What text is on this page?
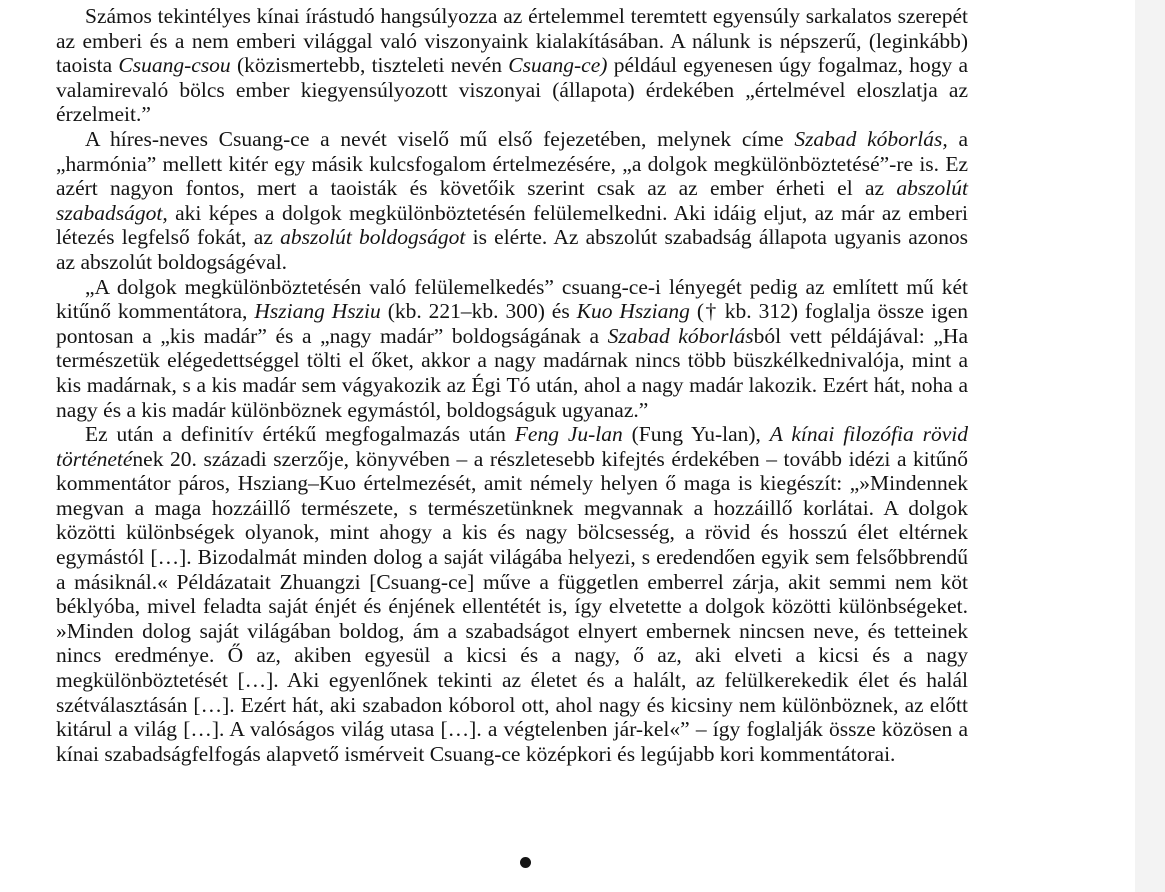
Számos tekintélyes kínai írástudó hangsúlyozza az értelemmel teremtett egyensúly sarkalatos szerepét az emberi és a nem emberi világgal való viszonyaink kialakításában. A nálunk is népszerű, (leginkább) taoista Csuang-csou (közismertebb, tiszteleti nevén Csuang-ce) például egyenesen úgy fogalmaz, hogy a valamirevaló bölcs ember kiegyensúlyozott viszonyai (állapota) érdekében „értelmével eloszlatja az érzelmeit.”

A híres-neves Csuang-ce a nevét viselő mű első fejezetében, melynek címe Szabad kóborlás, a „harmónia” mellett kitér egy másik kulcsfogalom értelmezésére, „a dolgok megkülönböztetésé”-re is. Ez azért nagyon fontos, mert a taoisták és követőik szerint csak az az ember érheti el az abszolút szabadságot, aki képes a dolgok megkülönböztetésén felülemelkedni. Aki idáig eljut, az már az emberi létezés legfelső fokát, az abszolút boldogságot is elérte. Az abszolút szabadság állapota ugyanis azonos az abszolút boldogságéval.

„A dolgok megkülönböztetésén való felülemelkedés” csuang-ce-i lényegét pedig az említett mű két kitűnő kommentátora, Hsziang Hsziu (kb. 221–kb. 300) és Kuo Hsziang († kb. 312) foglalja össze igen pontosan a „kis madár” és a „nagy madár” boldogságának a Szabad kóborlásból vett példájával: „Ha természetük elégedettséggel tölti el őket, akkor a nagy madárnak nincs több büszkélkednivalója, mint a kis madárnak, s a kis madár sem vágyakozik az Égi Tó után, ahol a nagy madár lakozik. Ezért hát, noha a nagy és a kis madár különböznek egymástól, boldogságuk ugyanaz.”

Ez után a definitív értékű megfogalmazás után Feng Ju-lan (Fung Yu-lan), A kínai filozófia rövid történetének 20. századi szerzője, könyvében – a részletesebb kifejtés érdekében – tovább idézi a kitűnő kommentátor páros, Hsziang–Kuo értelmezését, amit némely helyen ő maga is kiegészít: „»Mindennek megvan a maga hozzáillő természete, s természetünknek megvannak a hozzáillő korlátai. A dolgok közötti különbségek olyanok, mint ahogy a kis és nagy bölcsesség, a rövid és hosszú élet eltérnek egymástól […]. Bizodalmát minden dolog a saját világába helyezi, s eredendően egyik sem felsőbbrendű a másiknál.« Példázatait Zhuangzi [Csuang-ce] műve a független emberrel zárja, akit semmi nem köt béklyóba, mivel feladta saját énjét és énjének ellentétét is, így elvetette a dolgok közötti különbségeket. »Minden dolog saját világában boldog, ám a szabadságot elnyert embernek nincsen neve, és tetteinek nincs eredménye. Ő az, akiben egyesül a kicsi és a nagy, ő az, aki elveti a kicsi és a nagy megkülönböztetését […]. Aki egyenlőnek tekinti az életet és a halált, az felülkerekedik élet és halál szétválasztásán […]. Ezért hát, aki szabadon kóborol ott, ahol nagy és kicsiny nem különböznek, az előtt kitárul a világ […]. A valóságos világ utasa […]. a végtelenben jár-kel«” – így foglalják össze közösen a kínai szabadságfelfogás alapvető ismérveit Csuang-ce középkori és legújabb kori kommentátorai.
